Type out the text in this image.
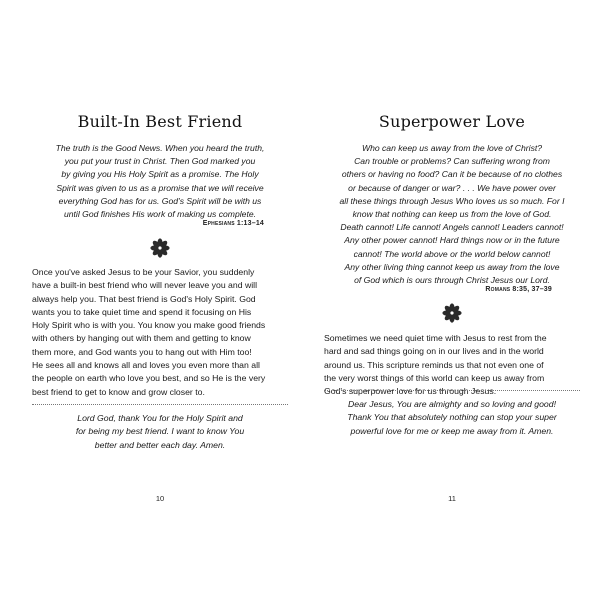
Built-In Best Friend
The truth is the Good News. When you heard the truth,
you put your trust in Christ. Then God marked you
by giving you His Holy Spirit as a promise. The Holy
Spirit was given to us as a promise that we will receive
everything God has for us. God's Spirit will be with us
until God finishes His work of making us complete.
Ephesians 1:13–14
Once you've asked Jesus to be your Savior, you suddenly
have a built-in best friend who will never leave you and will
always help you. That best friend is God's Holy Spirit. God
wants you to take quiet time and spend it focusing on His
Holy Spirit who is with you. You know you make good friends
with others by hanging out with them and getting to know
them more, and God wants you to hang out with Him too!
He sees all and knows all and loves you even more than all
the people on earth who love you best, and so He is the very
best friend to get to know and grow closer to.
Lord God, thank You for the Holy Spirit and
for being my best friend. I want to know You
better and better each day. Amen.
10
Superpower Love
Who can keep us away from the love of Christ?
Can trouble or problems? Can suffering wrong from
others or having no food? Can it be because of no clothes
or because of danger or war? . . . We have power over
all these things through Jesus Who loves us so much. For I
know that nothing can keep us from the love of God.
Death cannot! Life cannot! Angels cannot! Leaders cannot!
Any other power cannot! Hard things now or in the future
cannot! The world above or the world below cannot!
Any other living thing cannot keep us away from the love
of God which is ours through Christ Jesus our Lord.
Romans 8:35, 37–39
Sometimes we need quiet time with Jesus to rest from the
hard and sad things going on in our lives and in the world
around us. This scripture reminds us that not even one of
the very worst things of this world can keep us away from
God's superpower love for us through Jesus.
Dear Jesus, You are almighty and so loving and good!
Thank You that absolutely nothing can stop your super
powerful love for me or keep me away from it. Amen.
11
